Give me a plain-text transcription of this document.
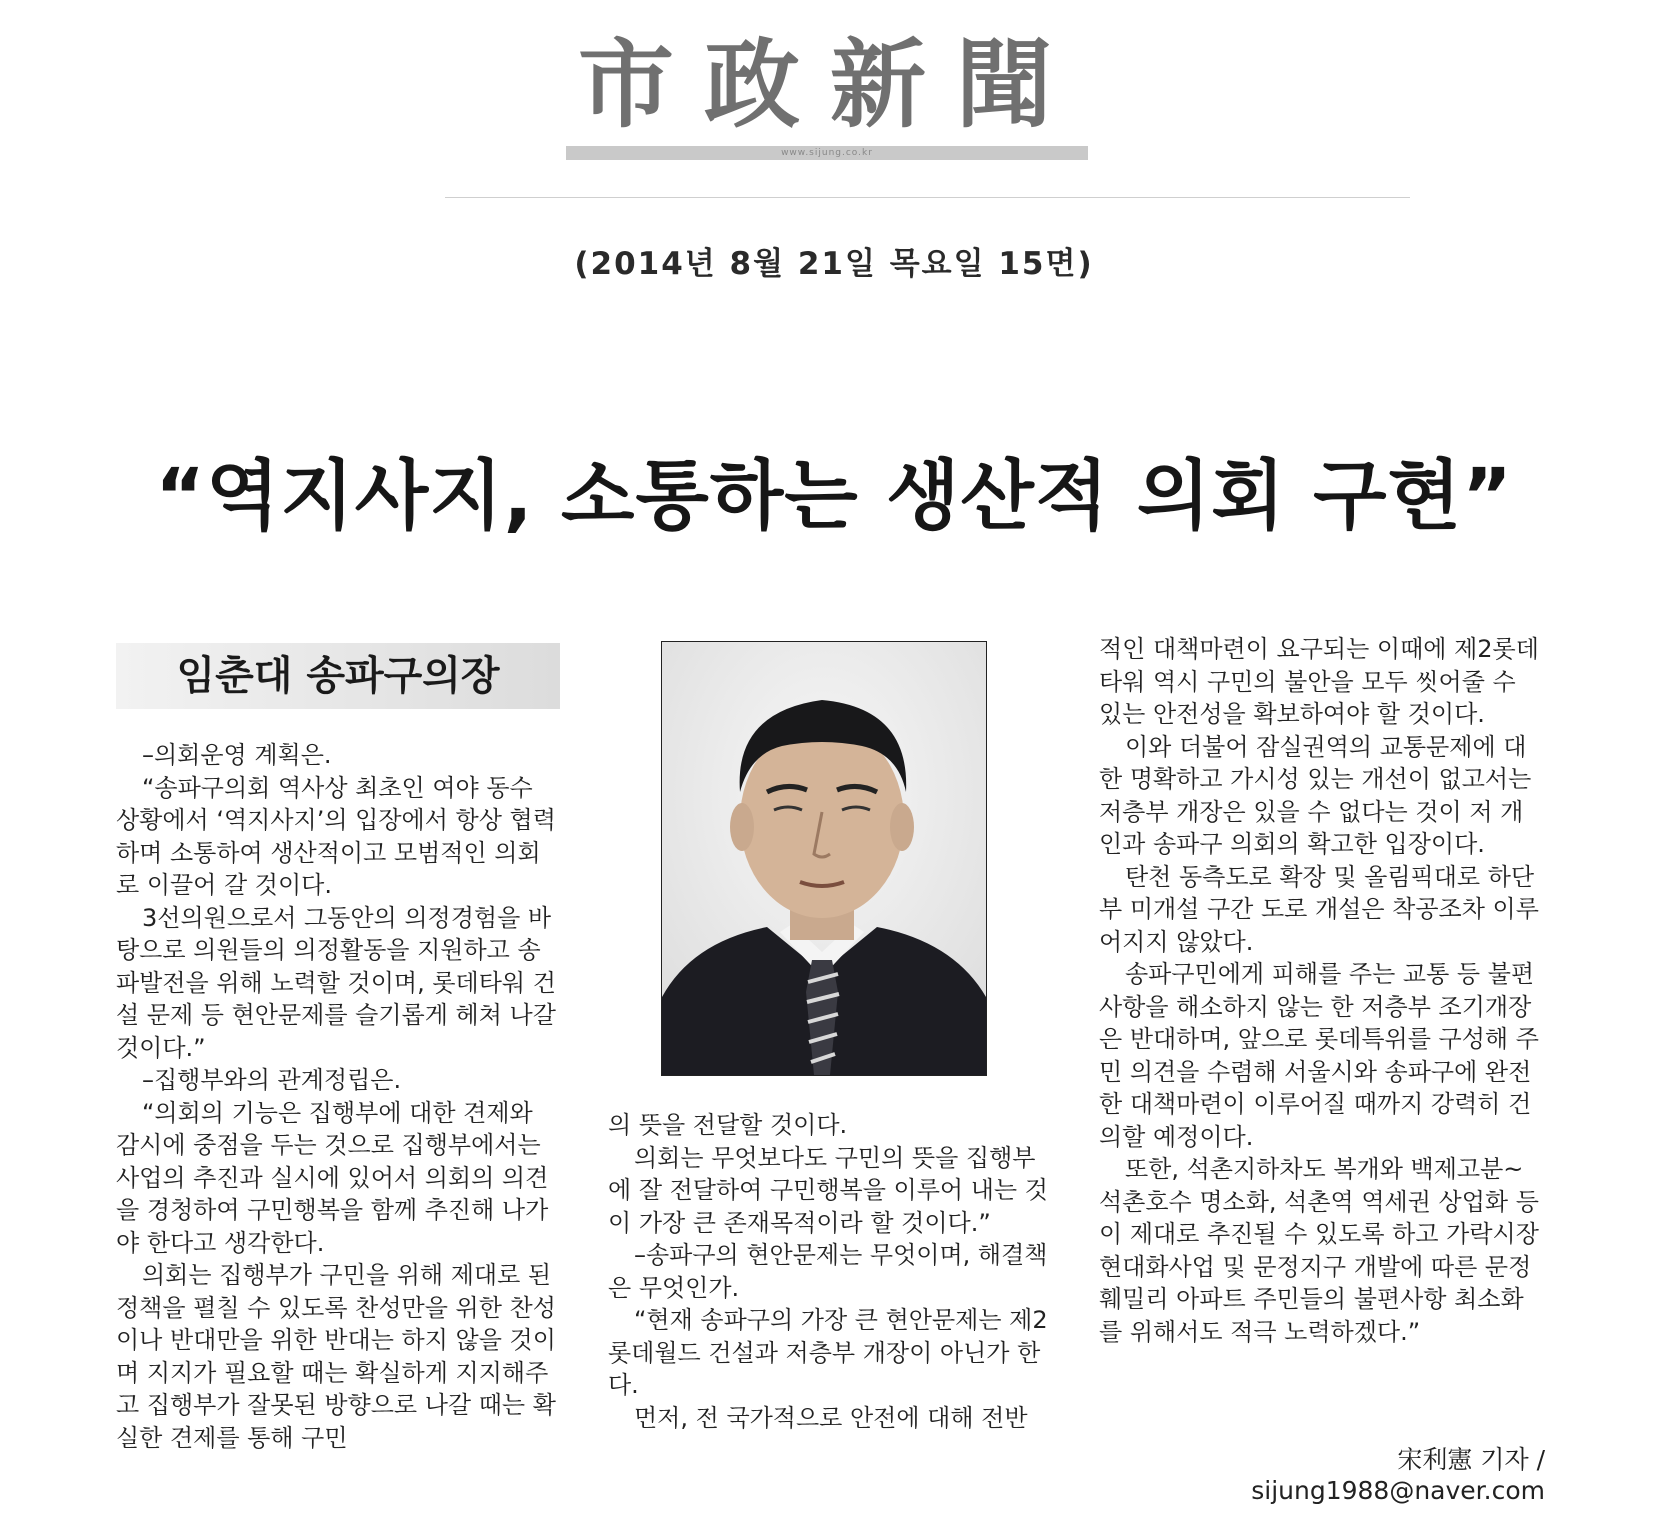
市政新聞
www.sijung.co.kr
(2014년 8월 21일 목요일 15면)
“역지사지, 소통하는 생산적 의회 구현”
임춘대 송파구의장

–의회운영 계획은.

“송파구의회 역사상 최초인 여야 동수 상황에서 ‘역지사지’의 입장에서 항상 협력하며 소통하여 생산적이고 모범적인 의회로 이끌어 갈 것이다.

3선의원으로서 그동안의 의정경험을 바탕으로 의원들의 의정활동을 지원하고 송파발전을 위해 노력할 것이며, 롯데타워 건설 문제 등 현안문제를 슬기롭게 헤쳐 나갈 것이다.”

–집행부와의 관계정립은.

“의회의 기능은 집행부에 대한 견제와 감시에 중점을 두는 것으로 집행부에서는 사업의 추진과 실시에 있어서 의회의 의견을 경청하여 구민행복을 함께 추진해 나가야 한다고 생각한다.

의회는 집행부가 구민을 위해 제대로 된 정책을 펼칠 수 있도록 찬성만을 위한 찬성이나 반대만을 위한 반대는 하지 않을 것이며 지지가 필요할 때는 확실하게 지지해주고 집행부가 잘못된 방향으로 나갈 때는 확실한 견제를 통해 구민

의 뜻을 전달할 것이다.

의회는 무엇보다도 구민의 뜻을 집행부에 잘 전달하여 구민행복을 이루어 내는 것이 가장 큰 존재목적이라 할 것이다.”

–송파구의 현안문제는 무엇이며, 해결책은 무엇인가.

“현재 송파구의 가장 큰 현안문제는 제2롯데월드 건설과 저층부 개장이 아닌가 한다.

먼저, 전 국가적으로 안전에 대해 전반

적인 대책마련이 요구되는 이때에 제2롯데타워 역시 구민의 불안을 모두 씻어줄 수 있는 안전성을 확보하여야 할 것이다.

이와 더불어 잠실권역의 교통문제에 대한 명확하고 가시성 있는 개선이 없고서는 저층부 개장은 있을 수 없다는 것이 저 개인과 송파구 의회의 확고한 입장이다.

탄천 동측도로 확장 및 올림픽대로 하단부 미개설 구간 도로 개설은 착공조차 이루어지지 않았다.

송파구민에게 피해를 주는 교통 등 불편사항을 해소하지 않는 한 저층부 조기개장은 반대하며, 앞으로 롯데특위를 구성해 주민 의견을 수렴해 서울시와 송파구에 완전한 대책마련이 이루어질 때까지 강력히 건의할 예정이다.

또한, 석촌지하차도 복개와 백제고분~석촌호수 명소화, 석촌역 역세권 상업화 등이 제대로 추진될 수 있도록 하고 가락시장 현대화사업 및 문정지구 개발에 따른 문정 훼밀리 아파트 주민들의 불편사항 최소화를 위해서도 적극 노력하겠다.”

宋利憲 기자 / sijung1988@naver.com
